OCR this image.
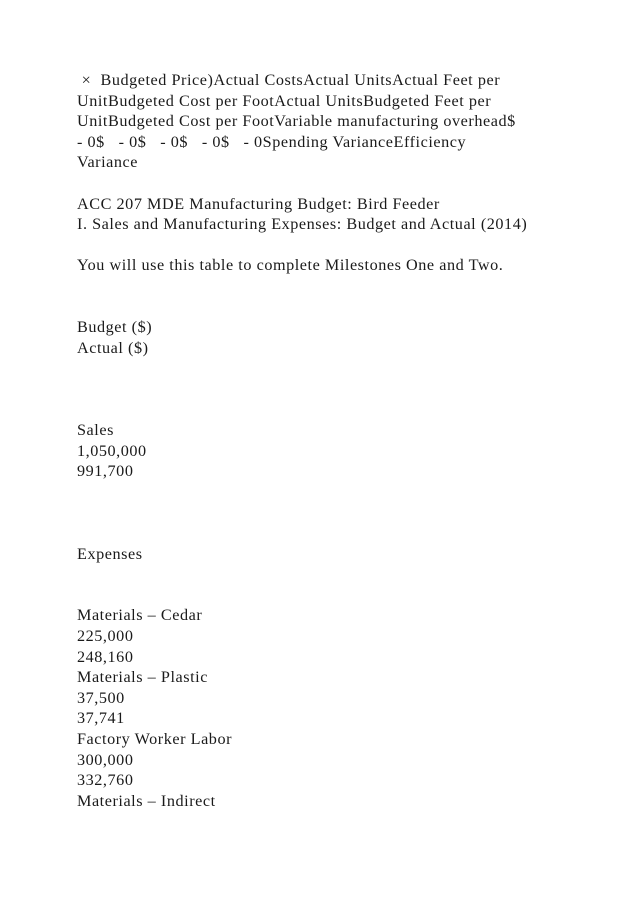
×  Budgeted Price)Actual CostsActual UnitsActual Feet per
UnitBudgeted Cost per FootActual UnitsBudgeted Feet per
UnitBudgeted Cost per FootVariable manufacturing overhead$
- 0$   - 0$   - 0$   - 0$   - 0Spending VarianceEfficiency
Variance
ACC 207 MDE Manufacturing Budget: Bird Feeder
I. Sales and Manufacturing Expenses: Budget and Actual (2014)
You will use this table to complete Milestones One and Two.
Budget ($)
Actual ($)
Sales
1,050,000
991,700
Expenses
Materials – Cedar
225,000
248,160
Materials – Plastic
37,500
37,741
Factory Worker Labor
300,000
332,760
Materials – Indirect
